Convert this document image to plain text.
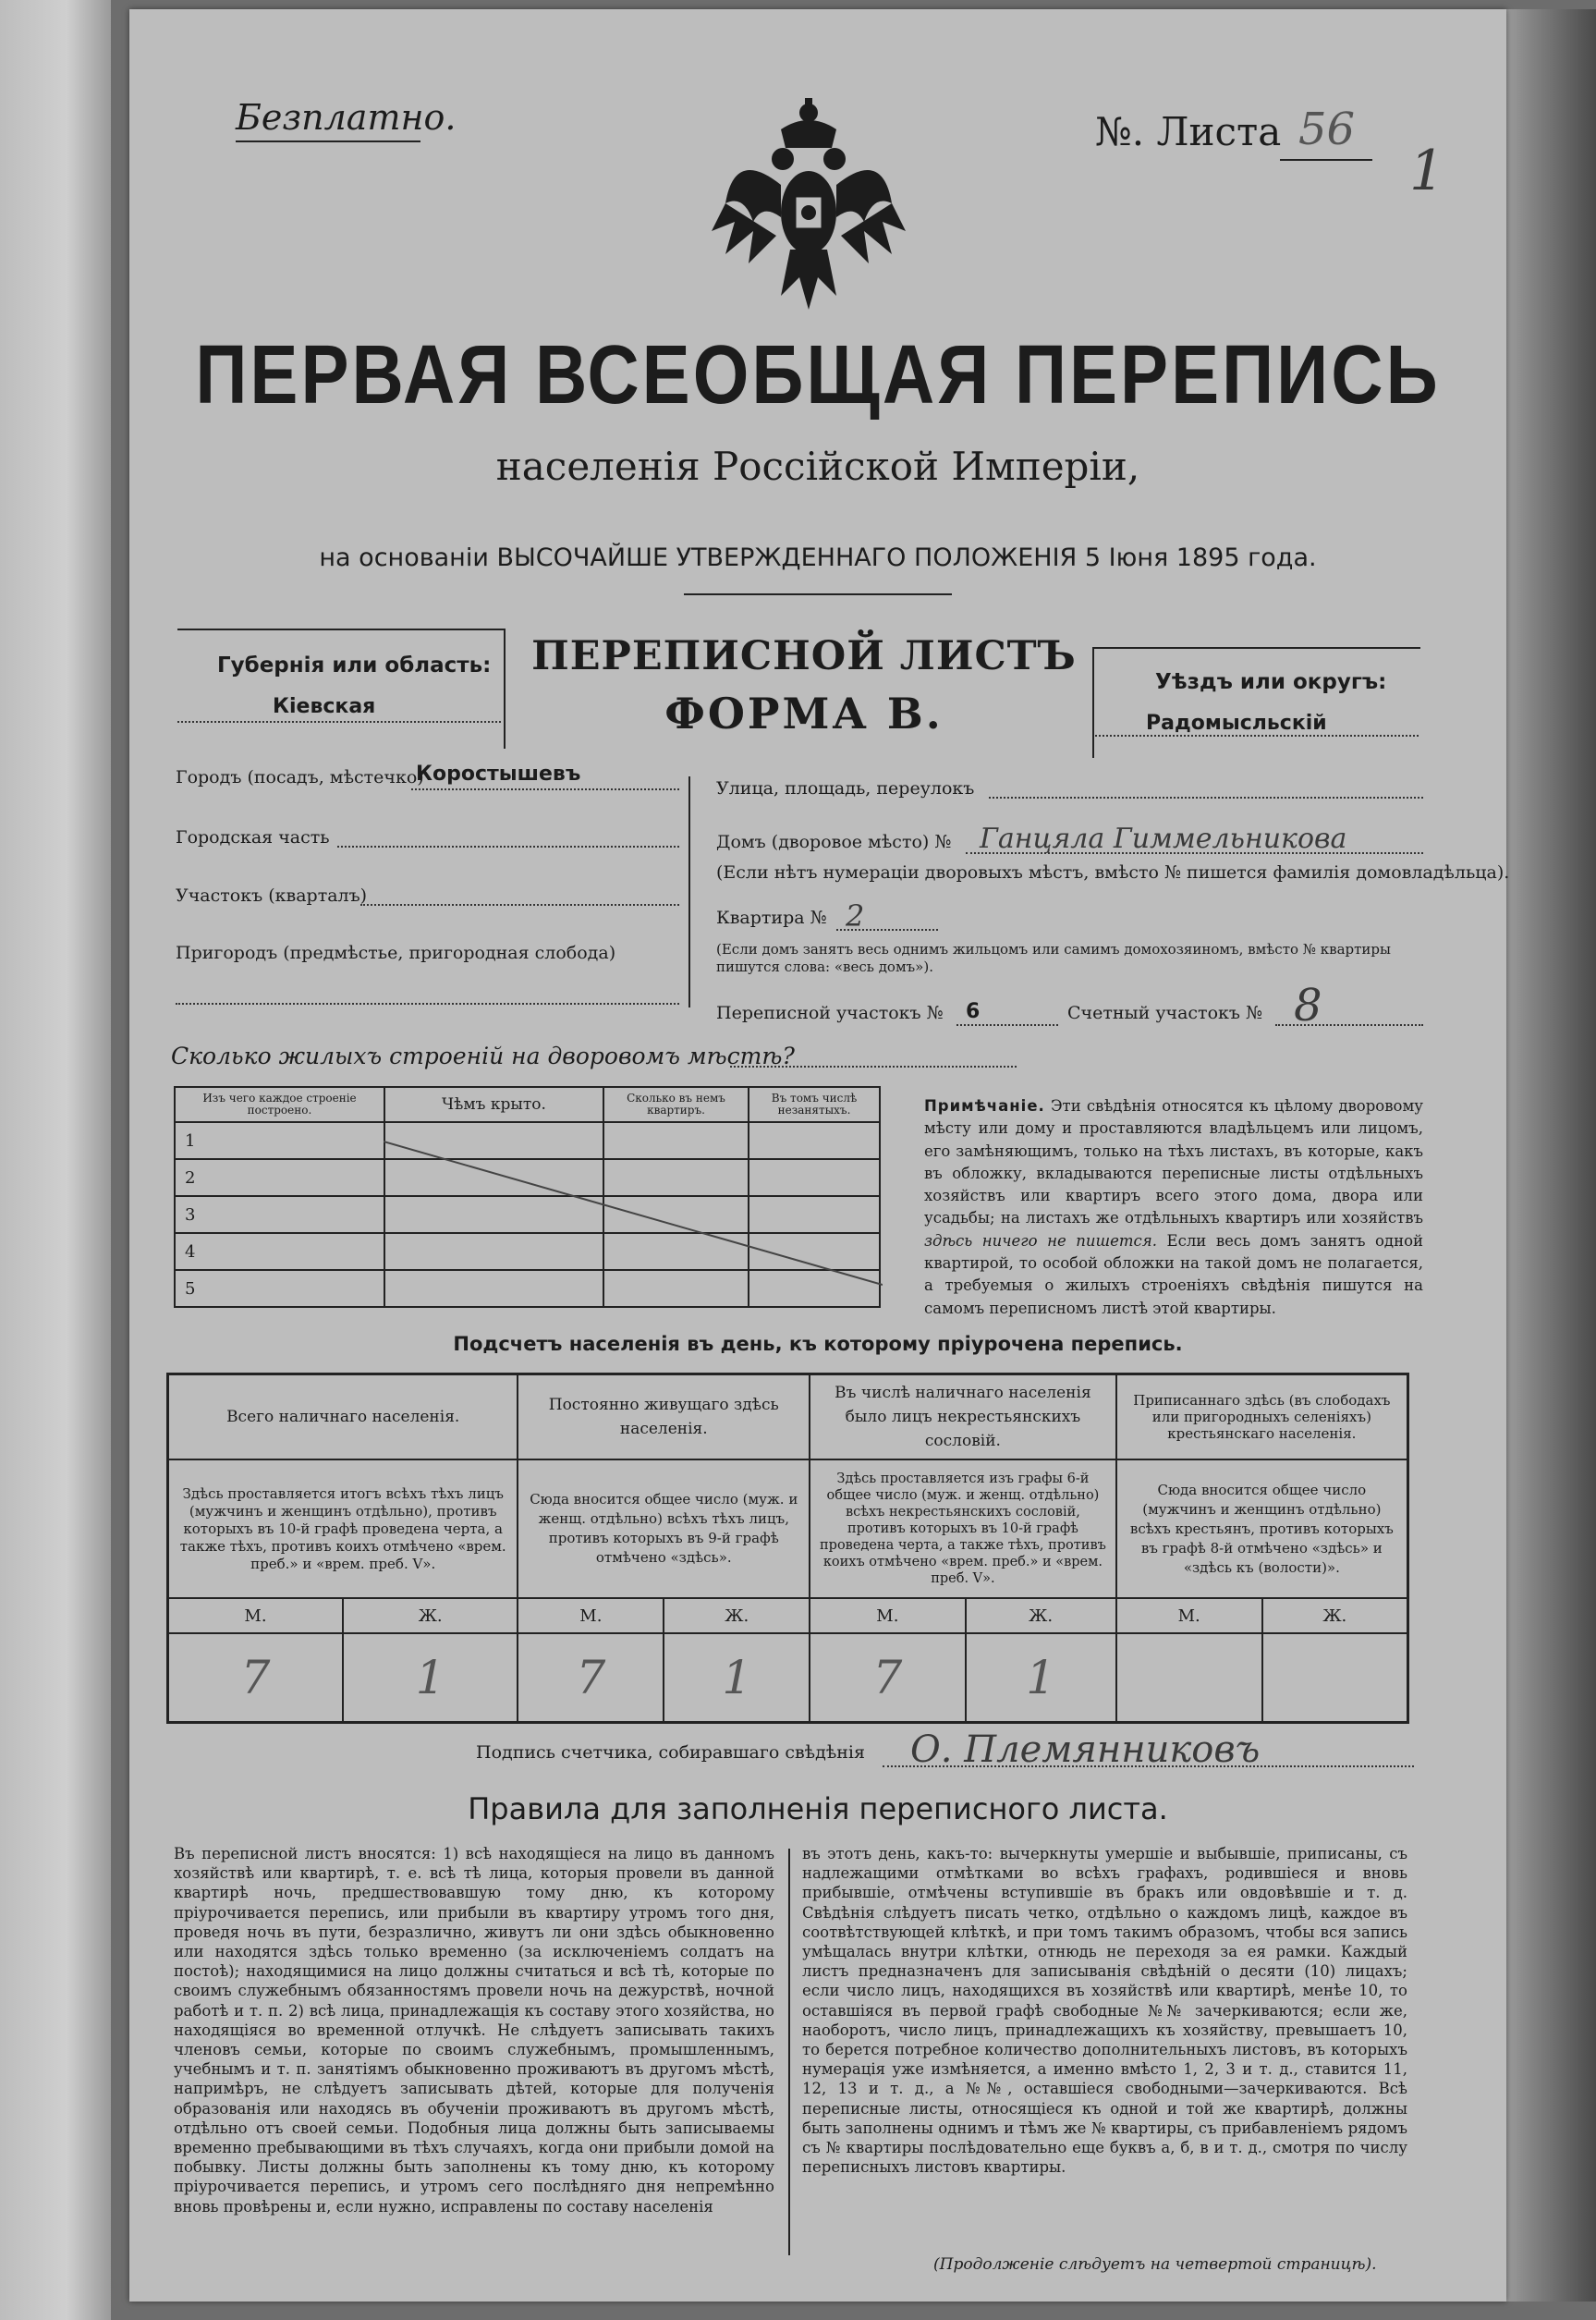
Безплатно.	№. Листа 56
1
ПЕРВАЯ ВСЕОБЩАЯ ПЕРЕПИСЬ
населенія Россійской Имперіи,
на основаніи ВЫСОЧАЙШЕ УТВЕРЖДЕННАГО ПОЛОЖЕНІЯ 5 Іюня 1895 года.
Губернія или область:
Кіевская
ПЕРЕПИСНОЙ ЛИСТЪ
ФОРМА В.
Уѣздъ или округъ:
Радомысльскій
Городъ (посадъ, мѣстечко)
Коростышевъ
Городская часть
Участокъ (кварталъ)
Пригородъ (предмѣстье, пригородная слобода)
Улица, площадь, переулокъ
Домъ (дворовое мѣсто) № Ганцяла Гиммельникова
(Если нѣтъ нумераціи дворовыхъ мѣстъ, вмѣсто № пишется фамилія домовладѣльца).
Квартира № 2
(Если домъ занятъ весь однимъ жильцомъ или самимъ домохозяиномъ, вмѣсто № квартиры пишутся слова: «весь домъ»).
Переписной участокъ № 6	Счетный участокъ № 8
Сколько жилыхъ строеній на дворовомъ мѣстѣ?
Изъ чего каждое строеніе построено.	Чѣмъ крыто.	Сколько въ немъ квартиръ.	Въ томъ числѣ незанятыхъ.
1			
2			
3			
4			
5			
Примѣчаніе. Эти свѣдѣнія относятся къ цѣлому дворовому мѣсту или дому и проставляются владѣльцемъ или лицомъ, его замѣняющимъ, только на тѣхъ листахъ, въ которые, какъ въ обложку, вкладываются переписные листы отдѣльныхъ хозяйствъ или квартиръ всего этого дома, двора или усадьбы; на листахъ же отдѣльныхъ квартиръ или хозяйствъ здѣсь ничего не пишется. Если весь домъ занятъ одной квартирой, то особой обложки на такой домъ не полагается, а требуемыя о жилыхъ строеніяхъ свѣдѣнія пишутся на самомъ переписномъ листѣ этой квартиры.
Подсчетъ населенія въ день, къ которому пріурочена перепись.
Всего наличнаго населенія.		Постоянно живущаго здѣсь населенія.		Въ числѣ наличнаго населенія было лицъ некрестьянскихъ сословій.		Приписаннаго здѣсь (въ слободахъ или пригородныхъ селеніяхъ) крестьянскаго населенія.	
Здѣсь проставляется итогъ всѣхъ тѣхъ лицъ (мужчинъ и женщинъ отдѣльно), противъ которыхъ въ 10-й графѣ проведена черта, а также тѣхъ, противъ коихъ отмѣчено «врем. преб.» и «врем. преб. V».		Сюда вносится общее число (муж. и женщ. отдѣльно) всѣхъ тѣхъ лицъ, противъ которыхъ въ 9-й графѣ отмѣчено «здѣсь».		Здѣсь проставляется изъ графы 6-й общее число (муж. и женщ. отдѣльно) всѣхъ некрестьянскихъ сословій, противъ которыхъ въ 10-й графѣ проведена черта, а также тѣхъ, противъ коихъ отмѣчено «врем. преб.» и «врем. преб. V».		Сюда вносится общее число (мужчинъ и женщинъ отдѣльно) всѣхъ крестьянъ, противъ которыхъ въ графѣ 8-й отмѣчено «здѣсь» и «здѣсь къ (волости)».	
М.	Ж.	М.	Ж.	М.	Ж.	М.	Ж.
7	1	7	1	7	1		
Подпись счетчика, собиравшаго свѣдѣнія О. Племянниковъ
Правила для заполненія переписного листа.
Въ переписной листъ вносятся: 1) всѣ находящіеся на лицо въ данномъ хозяйствѣ или квартирѣ, т. е. всѣ тѣ лица, которыя провели въ данной квартирѣ ночь, предшествовавшую тому дню, къ которому пріурочивается перепись, или прибыли въ квартиру утромъ того дня, проведя ночь въ пути, безразлично, живутъ ли они здѣсь обыкновенно или находятся здѣсь только временно (за исключеніемъ солдатъ на постоѣ); находящимися на лицо должны считаться и всѣ тѣ, которые по своимъ служебнымъ обязанностямъ провели ночь на дежурствѣ, ночной работѣ и т. п. 2) всѣ лица, принадлежащія къ составу этого хозяйства, но находящіяся во временной отлучкѣ. Не слѣдуетъ записывать такихъ членовъ семьи, которые по своимъ служебнымъ, промышленнымъ, учебнымъ и т. п. занятіямъ обыкновенно проживаютъ въ другомъ мѣстѣ, напримѣръ, не слѣдуетъ записывать дѣтей, которые для полученія образованія или находясь въ обученіи проживаютъ въ другомъ мѣстѣ, отдѣльно отъ своей семьи. Подобныя лица должны быть записываемы временно пребывающими въ тѣхъ случаяхъ, когда они прибыли домой на побывку. Листы должны быть заполнены къ тому дню, къ которому пріурочивается перепись, и утромъ сего послѣдняго дня непремѣнно вновь провѣрены и, если нужно, исправлены по составу населенія
въ этотъ день, какъ-то: вычеркнуты умершіе и выбывшіе, приписаны, съ надлежащими отмѣтками во всѣхъ графахъ, родившіеся и вновь прибывшіе, отмѣчены вступившіе въ бракъ или овдовѣвшіе и т. д. Свѣдѣнія слѣдуетъ писать четко, отдѣльно о каждомъ лицѣ, каждое въ соотвѣтствующей клѣткѣ, и при томъ такимъ образомъ, чтобы вся запись умѣщалась внутри клѣтки, отнюдь не переходя за ея рамки. Каждый листъ предназначенъ для записыванія свѣдѣній о десяти (10) лицахъ; если число лицъ, находящихся въ хозяйствѣ или квартирѣ, менѣе 10, то оставшіяся въ первой графѣ свободные №№ зачеркиваются; если же, наоборотъ, число лицъ, принадлежащихъ къ хозяйству, превышаетъ 10, то берется потребное количество дополнительныхъ листовъ, въ которыхъ нумерація уже измѣняется, а именно вмѣсто 1, 2, 3 и т. д., ставится 11, 12, 13 и т. д., а №№, оставшіеся свободными—зачеркиваются. Всѣ переписные листы, относящіеся къ одной и той же квартирѣ, должны быть заполнены однимъ и тѣмъ же № квартиры, съ прибавленіемъ рядомъ съ № квартиры послѣдовательно еще буквъ а, б, в и т. д., смотря по числу переписныхъ листовъ квартиры.
(Продолженіе слѣдуетъ на четвертой страницѣ).
